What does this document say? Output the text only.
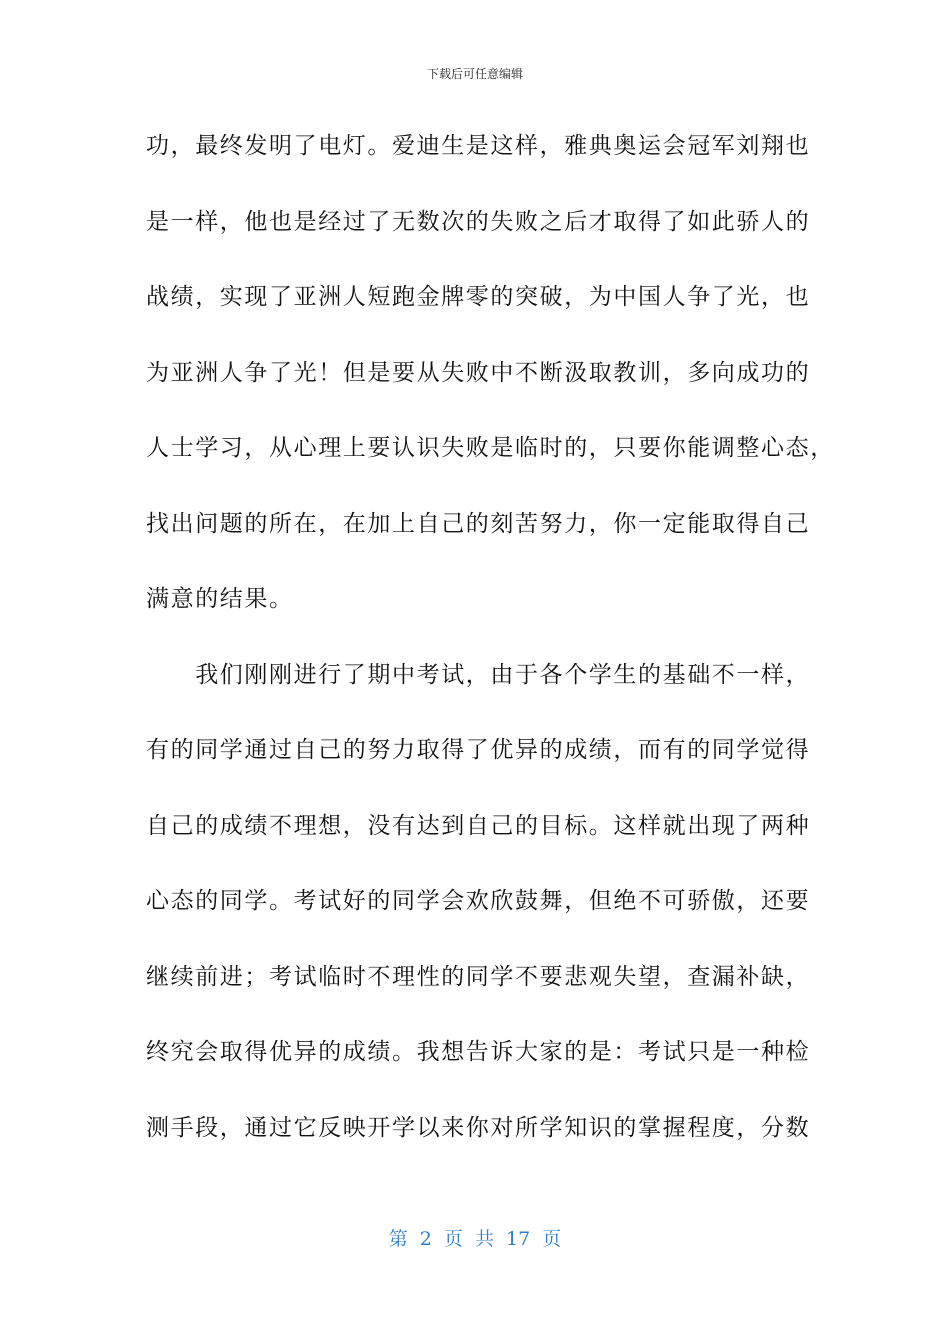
下载后可任意编辑
功，最终发明了电灯。爱迪生是这样，雅典奥运会冠军刘翔也
是一样，他也是经过了无数次的失败之后才取得了如此骄人的
战绩，实现了亚洲人短跑金牌零的突破，为中国人争了光，也
为亚洲人争了光！但是要从失败中不断汲取教训，多向成功的
人士学习，从心理上要认识失败是临时的，只要你能调整心态，
找出问题的所在，在加上自己的刻苦努力，你一定能取得自己
满意的结果。
　　我们刚刚进行了期中考试，由于各个学生的基础不一样，
有的同学通过自己的努力取得了优异的成绩，而有的同学觉得
自己的成绩不理想，没有达到自己的目标。这样就出现了两种
心态的同学。考试好的同学会欢欣鼓舞，但绝不可骄傲，还要
继续前进；考试临时不理性的同学不要悲观失望，查漏补缺，
终究会取得优异的成绩。我想告诉大家的是：考试只是一种检
测手段，通过它反映开学以来你对所学知识的掌握程度，分数
第 2 页 共 17 页
